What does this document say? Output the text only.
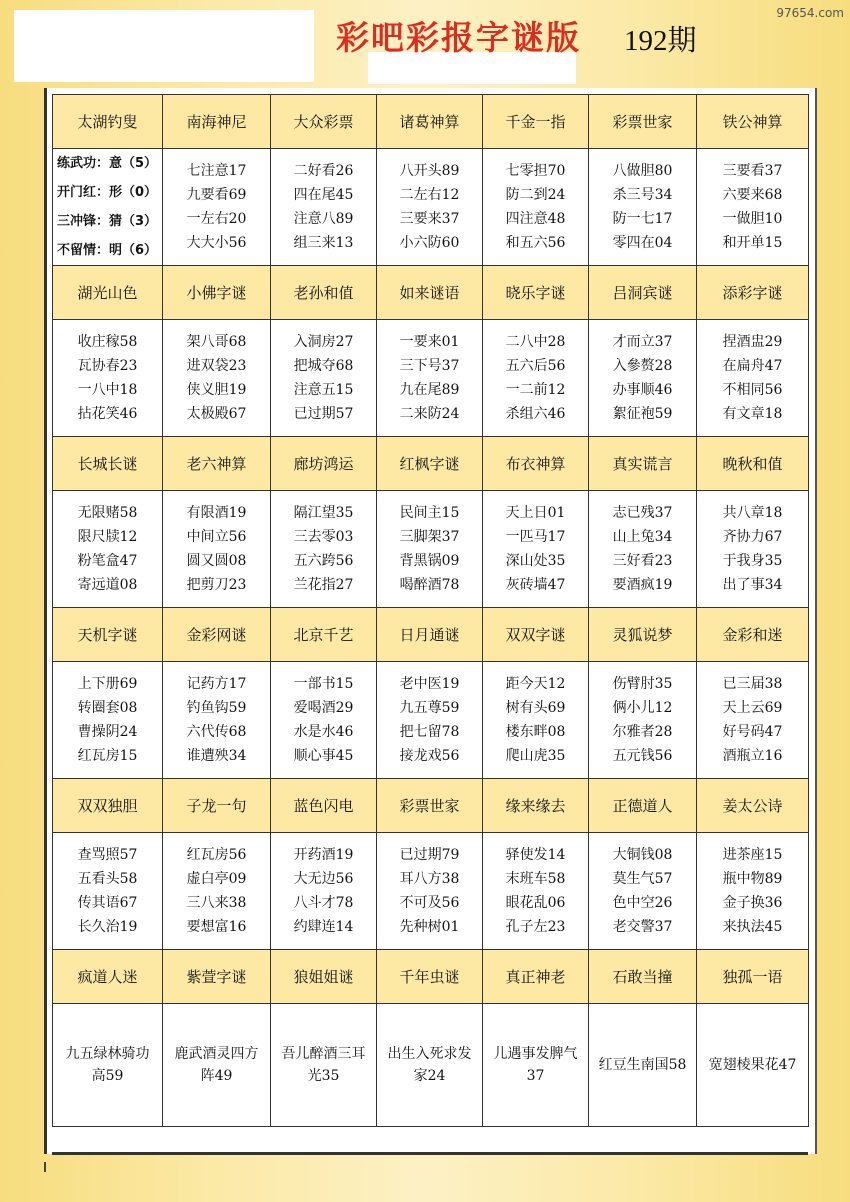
彩吧彩报字谜版 192期
97654.com
太湖钓叟	南海神尼	大众彩票	诸葛神算	千金一指	彩票世家	铁公神算

练武功：意（5）
开门红：形（0）
三冲锋：猜（3）
不留情：明（6）	七注意17
九要看69
一左右20
大大小56	二好看26
四在尾45
注意八89
组三来13	八开头89
二左右12
三要来37
小六防60	七零担70
防二到24
四注意48
和五六56	八做胆80
杀三号34
防一七17
零四在04	三要看37
六要来68
一做胆10
和开单15

湖光山色	小佛字谜	老孙和值	如来谜语	晓乐字谜	吕洞宾谜	添彩字谜

收庄稼58
瓦协春23
一八中18
拈花笑46	架八哥68
进双袋23
侠义胆19
太极殿67	入洞房27
把城夺68
注意五15
已过期57	一要来01
三下号37
九在尾89
二来防24	二八中28
五六后56
一二前12
杀组六46	才而立37
入參赘28
办事顺46
絮征袍59	捏酒盅29
在扁舟47
不相同56
有文章18

长城长谜	老六神算	廊坊鸿运	红枫字谜	布衣神算	真实谎言	晚秋和值

无限赌58
限尺牍12
粉笔盒47
寄远道08	有限酒19
中间立56
圆又圆08
把剪刀23	隔江望35
三去零03
五六跨56
兰花指27	民间主15
三脚架37
背黑锅09
喝醉酒78	天上日01
一匹马17
深山处35
灰砖墙47	志已残37
山上兔34
三好看23
要酒疯19	共八章18
齐协力67
于我身35
出了事34

天机字谜	金彩网谜	北京千艺	日月通谜	双双字谜	灵狐说梦	金彩和迷

上下册69
转圈套08
曹操阴24
红瓦房15	记药方17
钓鱼钩59
六代传68
谁遭殃34	一部书15
爱喝酒29
水是水46
顺心事45	老中医19
九五尊59
把七留78
接龙戏56	距今天12
树有头69
楼东畔08
爬山虎35	伤臂肘35
俩小儿12
尔雅者28
五元钱56	已三届38
天上云69
好号码47
酒瓶立16

双双独胆	子龙一句	蓝色闪电	彩票世家	缘来缘去	正德道人	姜太公诗

查骂照57
五看头58
传其语67
长久治19	红瓦房56
虚白亭09
三八来38
要想富16	开药酒19
大无边56
八斗才78
约肆连14	已过期79
耳八方38
不可及56
先种树01	驿使发14
末班车58
眼花乱06
孔子左23	大铜钱08
莫生气57
色中空26
老交警37	进茶座15
瓶中物89
金子换36
来执法45

疯道人迷	紫萱字谜	狼姐姐谜	千年虫谜	真正神老	石敢当撞	独孤一语

九五绿林骑功
高59	鹿武酒灵四方
阵49	吾儿醉酒三耳
光35	出生入死求发
家24	儿遇事发脾气
37	红豆生南国58	宽翅棱果花47
